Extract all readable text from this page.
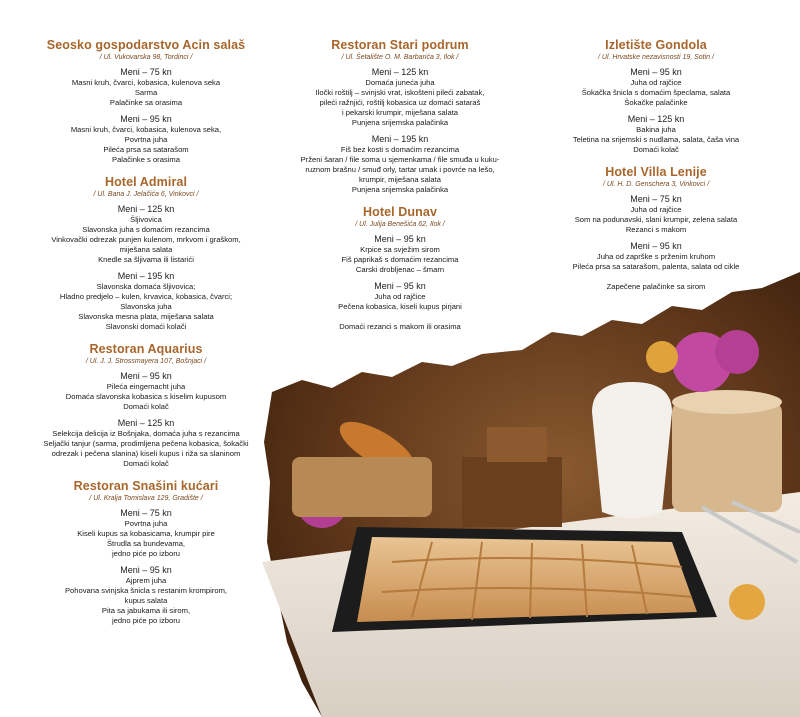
Seosko gospodarstvo Acin salaš
/ Ul. Vukovarska 98, Tordinci /
Meni – 75 kn
Masni kruh, čvarci, kobasica, kulenova seka
Sarma
Palačinke sa orasima
Meni – 95 kn
Masni kruh, čvarci, kobasica, kulenova seka,
Povrtna juha
Pileća prsa sa satarašom
Palačinke s orasima
Hotel Admiral
/ Ul. Bana J. Jelačića 6, Vinkovci /
Meni – 125 kn
Šljivovica
Slavonska juha s domaćim rezancima
Vinkovački odrezak punjen kulenom, mrkvom i graškom,
miješana salata
Knedle sa šljivama ili listarići
Meni – 195 kn
Slavonska domaća šljivovica;
Hladno predjelo – kulen, krvavica, kobasica, čvarci;
Slavonska juha
Slavonska mesna plata, miješana salata
Slavonski domaći kolači
Restoran Aquarius
/ Ul. J. J. Strossmayera 107, Bošnjaci /
Meni – 95 kn
Pileća eingemacht juha
Domaća slavonska kobasica s kiselim kupusom
Domaći kolač
Meni – 125 kn
Selekcija delicija iz Bošnjaka, domaća juha s rezancima
Seljački tanjur (sarma, prodimljena pečena kobasica, šokački
odrezak i pečena slanina) kiseli kupus i riža sa slaninom
Domaći kolač
Restoran Snašini kućari
/ Ul. Kralja Tomislava 129, Gradište /
Meni – 75 kn
Povrtna juha
Kiseli kupus sa kobasicama, krumpir pire
Štrudla sa bundevama,
jedno piće po izboru
Meni – 95 kn
Ajprem juha
Pohovana svinjska šnicla s restanim krompirom,
kupus salata
Pita sa jabukama ili sirom,
jedno piće po izboru
Restoran Stari podrum
/ Ul. Šetalište O. M. Barbarića 3, Ilok /
Meni – 125 kn
Domaća juneća juha
Iločki roštilj – svinjski vrat, iskošteni pileći zabatak,
pileći ražnjići, roštilj kobasica uz domaći sataraš
i pekarski krumpir, miješana salata
Punjena srijemska palačinka
Meni – 195 kn
Fiš bez kosti s domaćim rezancima
Prženi šaran / file soma u sjemenkama / file smuđa u kuku-
ruznom brašnu / smuđ orly, tartar umak i povrće na lešo,
krumpir, miješana salata
Punjena srijemska palačinka
Hotel Dunav
/ Ul. Julija Benešića 62, Ilok /
Meni – 95 kn
Krpice sa svježim sirom
Fiš paprikaš s domaćim rezancima
Carski drobljenac – šmarn
Meni – 95 kn
Juha od rajčice
Pečena kobasica, kiseli kupus pirjani

Domaći rezanci s makom ili orasima
Izletište Gondola
/ Ul. Hrvatske nezavisnosti 19, Sotin /
Meni – 95 kn
Juha od rajčice
Šokačka šnicla s domaćim špeclama, salata
Šokačke palačinke
Meni – 125 kn
Bakina juha
Teletina na srijemski s nudlama, salata, čaša vina
Domaći kolač
Hotel Villa Lenije
/ Ul. H. D. Genschera 3, Vinkovci /
Meni – 75 kn
Juha od rajčice
Som na podunavski, slani krumpir, zelena salata
Rezanci s makom
Meni – 95 kn
Juha od zaprške s prženim kruhom
Pileća prsa sa satarašom, palenta, salata od cikle

Zapečene palačinke sa sirom
